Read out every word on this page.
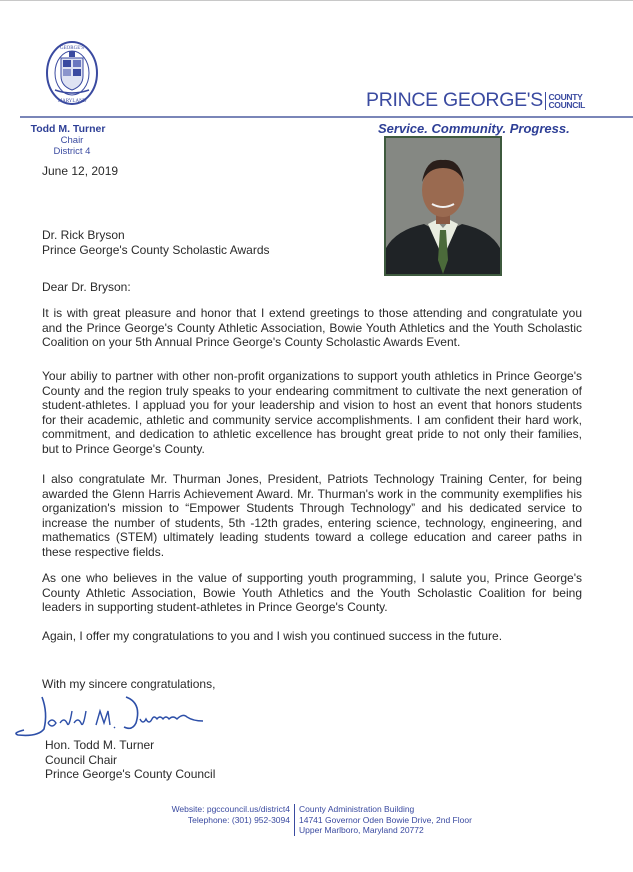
GEORGE'S
MARYLAND	PRINCE GEORGE'S COUNTY
COUNCIL
Service. Community. Progress.
Todd M. Turner
Chair
District 4
June 12, 2019
Dr. Rick Bryson
Prince George's County Scholastic Awards
Dear Dr. Bryson:

It is with great pleasure and honor that I extend greetings to those attending and congratulate you and the Prince George's County Athletic Association, Bowie Youth Athletics and the Youth Scholastic Coalition on your 5th Annual Prince George's County Scholastic Awards Event.

Your abiliy to partner with other non-profit organizations to support youth athletics in Prince George's County and the region truly speaks to your endearing commitment to cultivate the next generation of student-athletes. I appluad you for your leadership and vision to host an event that honors students for their academic, athletic and community service accomplishments. I am confident their hard work, commitment, and dedication to athletic excellence has brought great pride to not only their families, but to Prince George's County.

I also congratulate Mr. Thurman Jones, President, Patriots Technology Training Center, for being awarded the Glenn Harris Achievement Award. Mr. Thurman's work in the community exemplifies his organization's mission to “Empower Students Through Technology” and his dedicated service to increase the number of students, 5th -12th grades, entering science, technology, engineering, and mathematics (STEM) ultimately leading students toward a college education and career paths in these respective fields.

As one who believes in the value of supporting youth programming, I salute you, Prince George's County Athletic Association, Bowie Youth Athletics and the Youth Scholastic Coalition for being leaders in supporting student-athletes in Prince George's County.

Again, I offer my congratulations to you and I wish you continued success in the future.

With my sincere congratulations,
Hon. Todd M. Turner
Council Chair
Prince George's County Council
Website: pgccouncil.us/district4
Telephone: (301) 952-3094
County Administration Building
14741 Governor Oden Bowie Drive, 2nd Floor
Upper Marlboro, Maryland 20772
